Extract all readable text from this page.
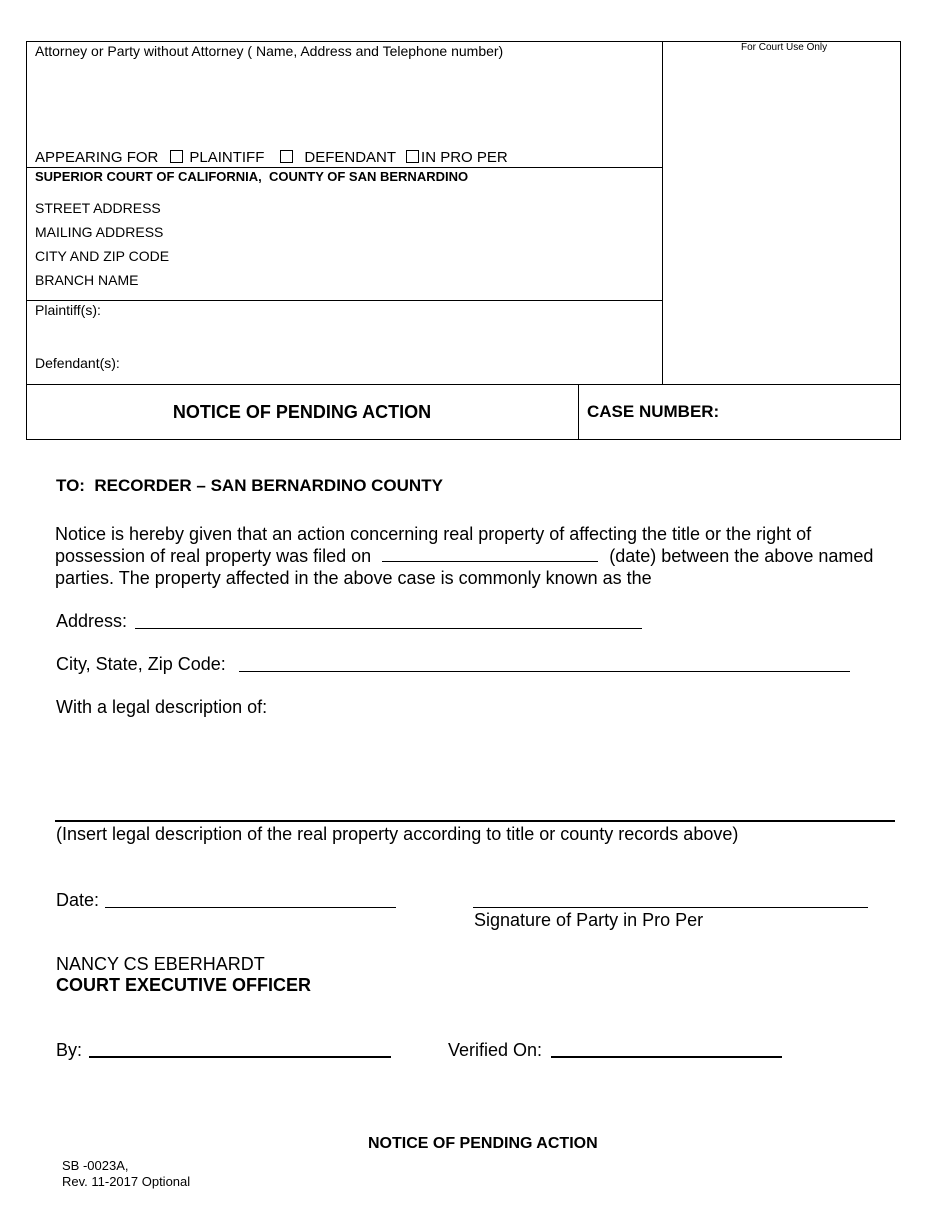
Attorney or Party without Attorney ( Name, Address and Telephone number)	For Court Use Only
APPEARING FOR PLAINTIFF	DEFENDANT IN PRO PER
SUPERIOR COURT OF CALIFORNIA,  COUNTY OF SAN BERNARDINO
STREET ADDRESS
MAILING ADDRESS
CITY AND ZIP CODE
BRANCH NAME
Plaintiff(s):
Defendant(s):
NOTICE OF PENDING ACTION	CASE NUMBER:
TO:  RECORDER – SAN BERNARDINO COUNTY
Notice is hereby given that an action concerning real property of affecting the title or the right of
possession of real property was filed on	(date) between the above named
parties. The property affected in the above case is commonly known as the
Address:
City, State, Zip Code:
With a legal description of:
(Insert legal description of the real property according to title or county records above)
Date:
Signature of Party in Pro Per
NANCY CS EBERHARDT
COURT EXECUTIVE OFFICER
By:	Verified On:
NOTICE OF PENDING ACTION
SB -0023A,
Rev. 11-2017 Optional
